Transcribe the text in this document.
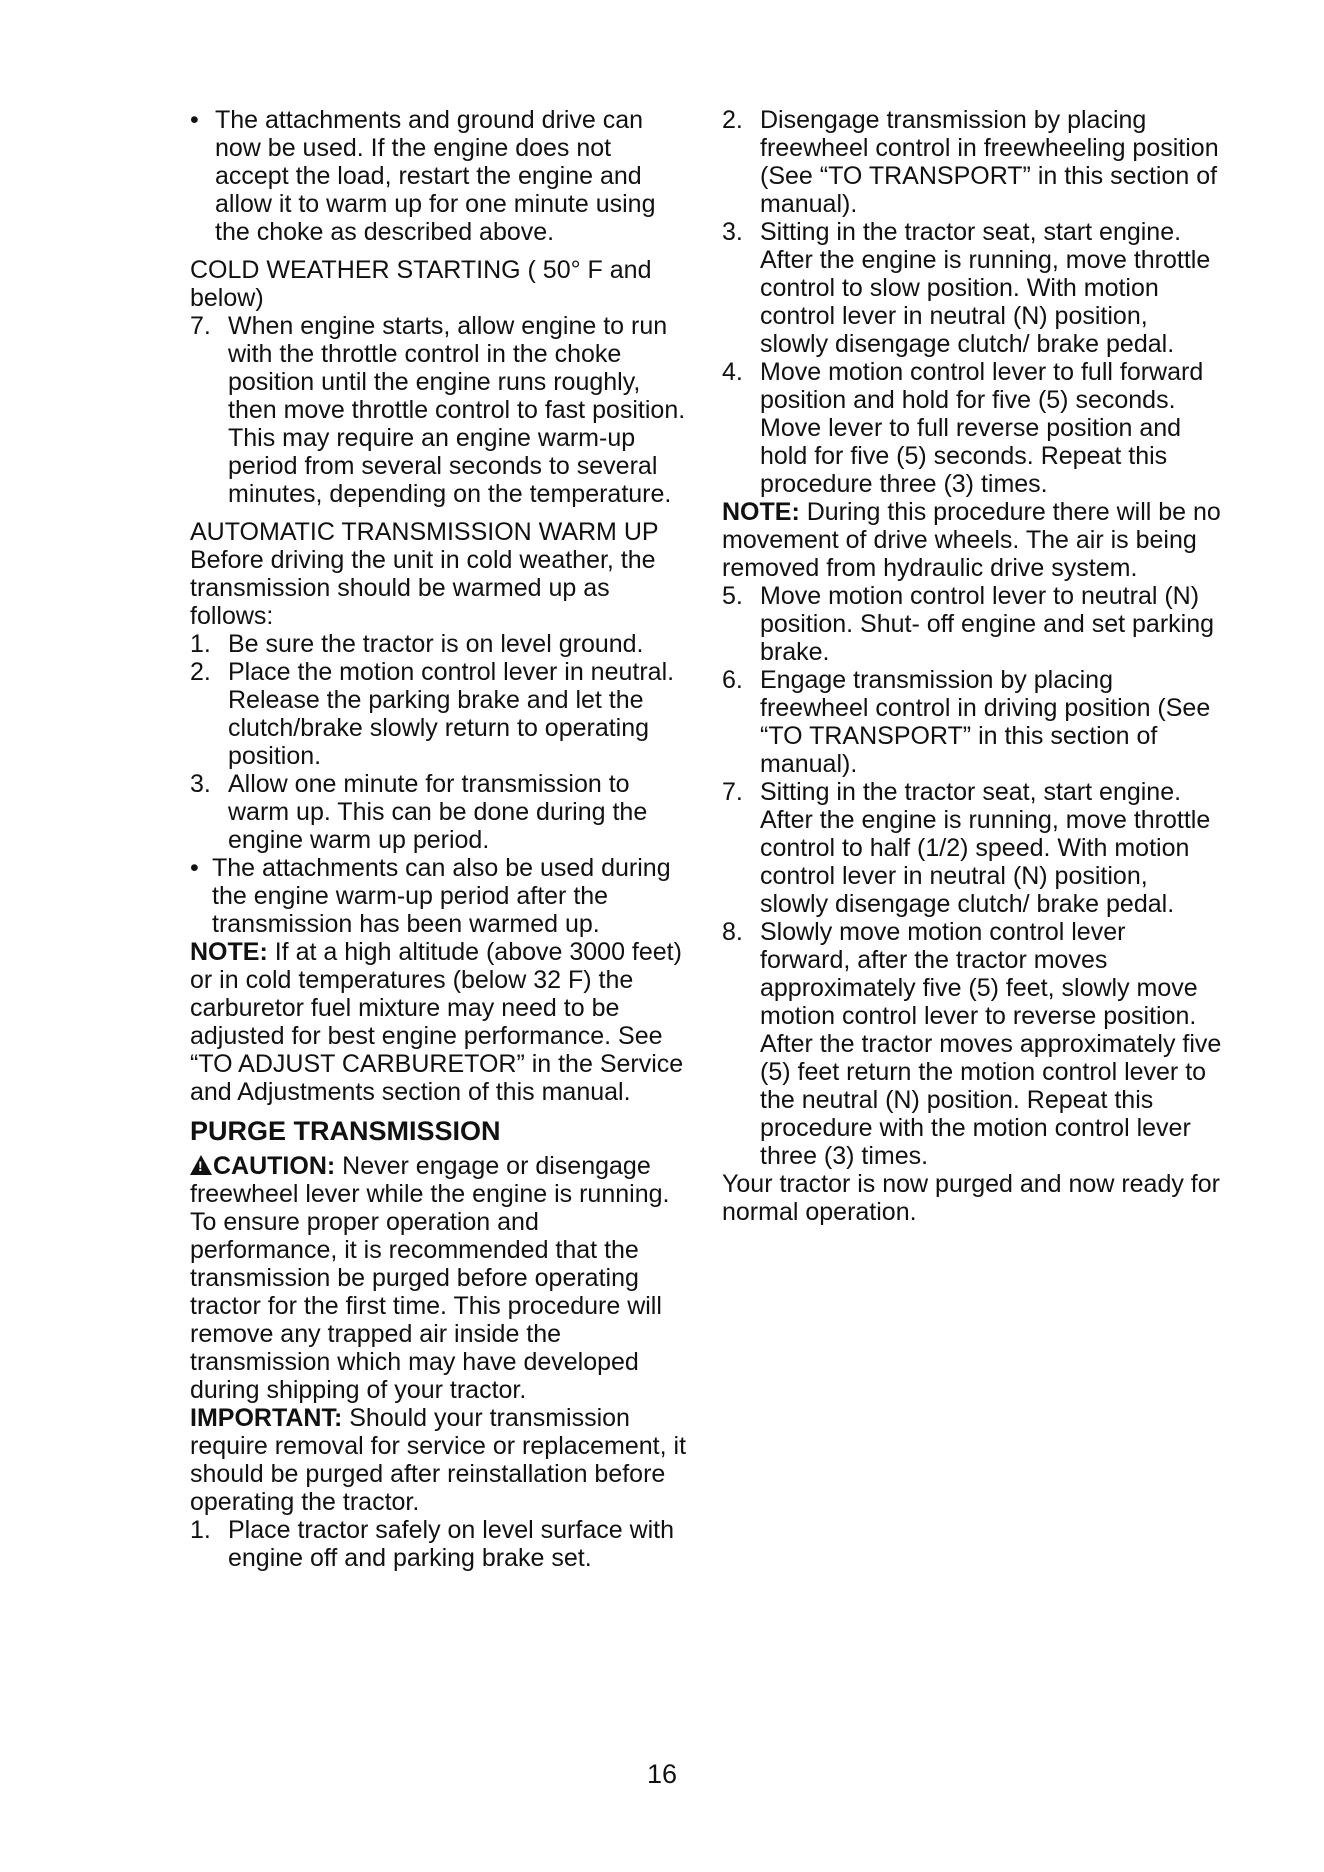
• The attachments and ground drive can now be used. If the engine does not accept the load, restart the engine and allow it to warm up for one minute using the choke as described above.

COLD WEATHER STARTING ( 50° F and below)

7. When engine starts, allow engine to run with the throttle control in the choke position until the engine runs roughly, then move throttle control to fast position. This may require an engine warm-up period from several seconds to several minutes, depending on the temperature.

AUTOMATIC TRANSMISSION WARM UP

Before driving the unit in cold weather, the transmission should be warmed up as follows:

1. Be sure the tractor is on level ground.

2. Place the motion control lever in neutral. Release the parking brake and let the clutch/brake slowly return to operating position.

3. Allow one minute for transmission to warm up. This can be done during the engine warm up period.

• The attachments can also be used during the engine warm-up period after the transmission has been warmed up.

NOTE: If at a high altitude (above 3000 feet) or in cold temperatures (below 32 F) the carburetor fuel mixture may need to be adjusted for best engine performance. See “TO ADJUST CARBURETOR” in the Service and Adjustments section of this manual.

PURGE TRANSMISSION

!CAUTION: Never engage or disengage freewheel lever while the engine is running.

To ensure proper operation and performance, it is recommended that the transmission be purged before operating tractor for the first time. This procedure will remove any trapped air inside the transmission which may have developed during shipping of your tractor.

IMPORTANT: Should your transmission require removal for service or replacement, it should be purged after reinstallation before operating the tractor.

1. Place tractor safely on level surface with engine off and parking brake set.

2. Disengage transmission by placing freewheel control in freewheeling position (See “TO TRANSPORT” in this section of manual).

3. Sitting in the tractor seat, start engine. After the engine is running, move throttle control to slow position. With motion control lever in neutral (N) position, slowly disengage clutch/ brake pedal.

4. Move motion control lever to full forward position and hold for five (5) seconds. Move lever to full reverse position and hold for five (5) seconds. Repeat this procedure three (3) times.

NOTE: During this procedure there will be no movement of drive wheels. The air is being removed from hydraulic drive system.

5. Move motion control lever to neutral (N) position. Shut- off engine and set parking brake.

6. Engage transmission by placing freewheel control in driving position (See “TO TRANSPORT” in this section of manual).

7. Sitting in the tractor seat, start engine. After the engine is running, move throttle control to half (1/2) speed. With motion control lever in neutral (N) position, slowly disengage clutch/ brake pedal.

8. Slowly move motion control lever forward, after the tractor moves approximately five (5) feet, slowly move motion control lever to reverse position. After the tractor moves approximately five (5) feet return the motion control lever to the neutral (N) position. Repeat this procedure with the motion control lever three (3) times.

Your tractor is now purged and now ready for normal operation.

16
